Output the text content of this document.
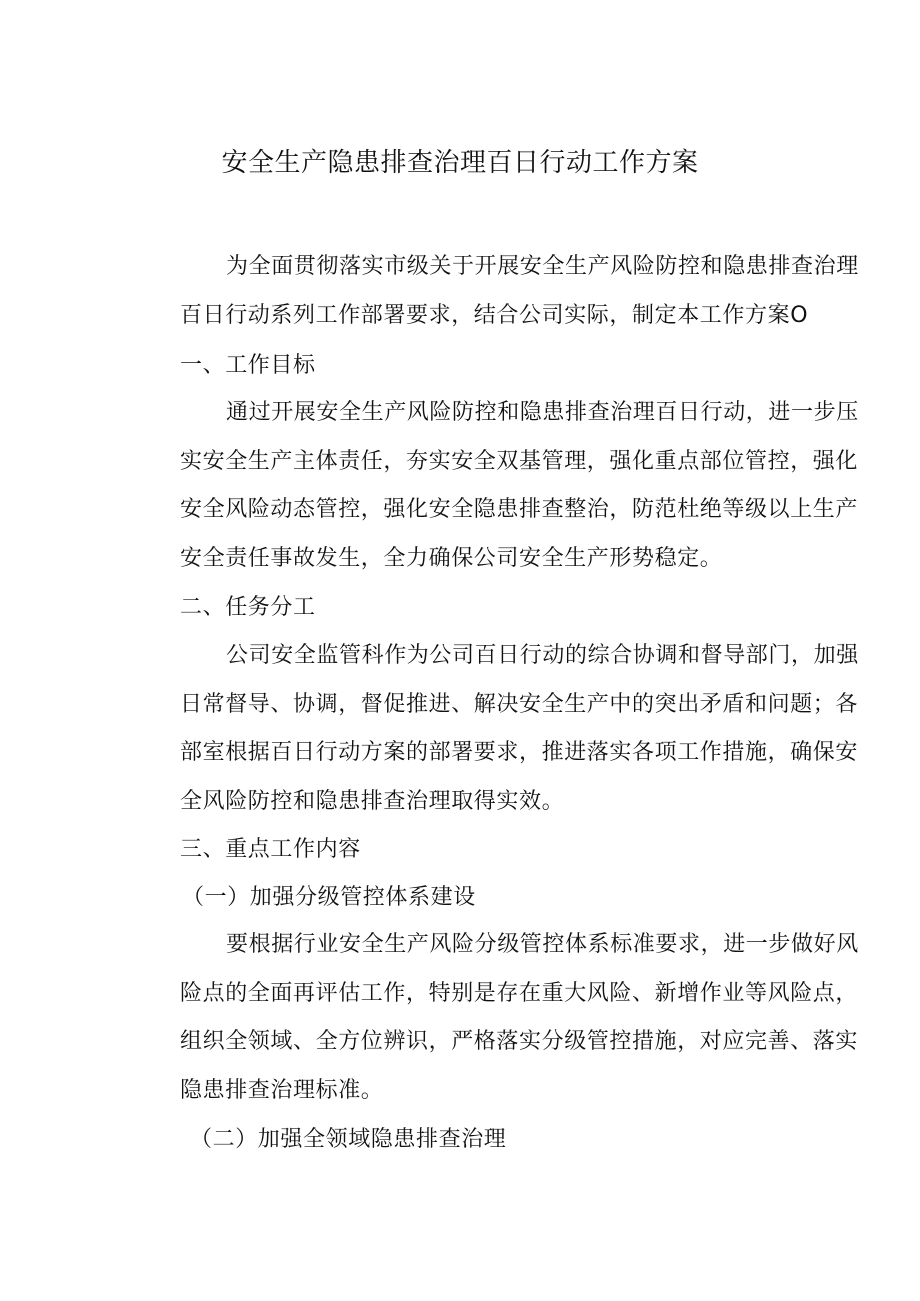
安全生产隐患排查治理百日行动工作方案

为全面贯彻落实市级关于开展安全生产风险防控和隐患排查治理
百日行动系列工作部署要求，结合公司实际，制定本工作方案O

一、工作目标

通过开展安全生产风险防控和隐患排查治理百日行动，进一步压
实安全生产主体责任，夯实安全双基管理，强化重点部位管控，强化
安全风险动态管控，强化安全隐患排查整治，防范杜绝等级以上生产
安全责任事故发生，全力确保公司安全生产形势稳定。

二、任务分工

公司安全监管科作为公司百日行动的综合协调和督导部门，加强
日常督导、协调，督促推进、解决安全生产中的突出矛盾和问题；各
部室根据百日行动方案的部署要求，推进落实各项工作措施，确保安
全风险防控和隐患排查治理取得实效。

三、重点工作内容
（一）加强分级管控体系建设

要根据行业安全生产风险分级管控体系标准要求，进一步做好风
险点的全面再评估工作，特别是存在重大风险、新增作业等风险点，
组织全领域、全方位辨识，严格落实分级管控措施，对应完善、落实
隐患排查治理标准。

（二）加强全领域隐患排查治理
